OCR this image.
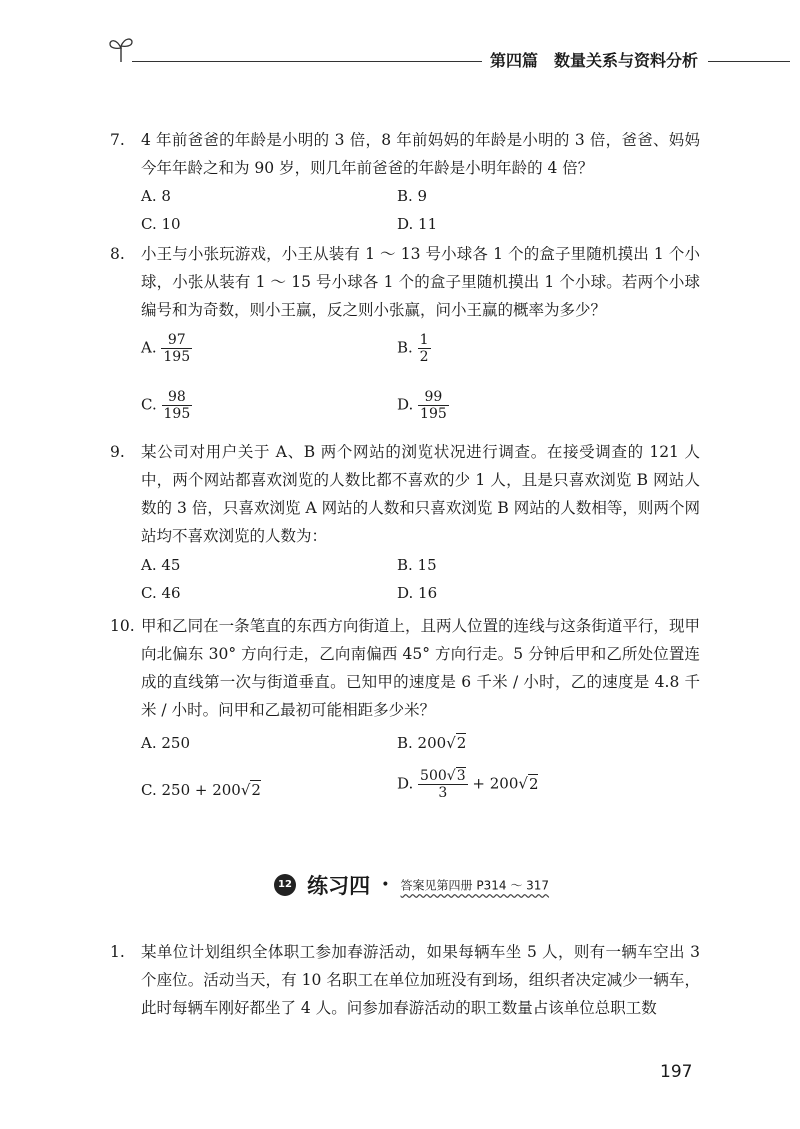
第四篇 数量关系与资料分析
7. 4 年前爸爸的年龄是小明的 3 倍，8 年前妈妈的年龄是小明的 3 倍，爸爸、妈妈今年年龄之和为 90 岁，则几年前爸爸的年龄是小明年龄的 4 倍？
A. 8	B. 9
C. 10	D. 11
8. 小王与小张玩游戏，小王从装有 1 ～ 13 号小球各 1 个的盒子里随机摸出 1 个小球，小张从装有 1 ～ 15 号小球各 1 个的盒子里随机摸出 1 个小球。若两个小球编号和为奇数，则小王赢，反之则小张赢，问小王赢的概率为多少？
A. $\frac{97}{195}$	B. $\frac{1}{2}$
C. $\frac{98}{195}$	D. $\frac{99}{195}$
9. 某公司对用户关于 A、B 两个网站的浏览状况进行调查。在接受调查的 121 人中，两个网站都喜欢浏览的人数比都不喜欢的少 1 人，且是只喜欢浏览 B 网站人数的 3 倍，只喜欢浏览 A 网站的人数和只喜欢浏览 B 网站的人数相等，则两个网站均不喜欢浏览的人数为：
A. 45	B. 15
C. 46	D. 16
10. 甲和乙同在一条笔直的东西方向街道上，且两人位置的连线与这条街道平行，现甲向北偏东 30° 方向行走，乙向南偏西 45° 方向行走。5 分钟后甲和乙所处位置连成的直线第一次与街道垂直。已知甲的速度是 6 千米 / 小时，乙的速度是 4.8 千米 / 小时。问甲和乙最初可能相距多少米？
A. 250	B. 200√2
C. 250 + 200√2	D. $\frac{500√3}{3} + 200√2$
12 练习四 • 答案见第四册 P314 ～ 317
1. 某单位计划组织全体职工参加春游活动，如果每辆车坐 5 人，则有一辆车空出 3 个座位。活动当天，有 10 名职工在单位加班没有到场，组织者决定减少一辆车，此时每辆车刚好都坐了 4 人。问参加春游活动的职工数量占该单位总职工数
197
